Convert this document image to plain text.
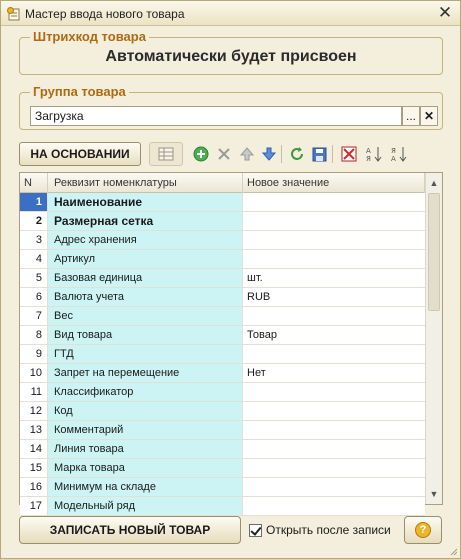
Мастер ввода нового товара	✕
Штрихкод товара
Автоматически будет присвоен
Группа товара
Загрузка	... ✕
НА ОСНОВАНИИ	A
Я
Я
A
N	Реквизит номенклатуры	Новое значение
1	Наименование
2	Размерная сетка
3	Адрес хранения
4	Артикул
5	Базовая единица	шт.
6	Валюта учета	RUB
7	Вес
8	Вид товара	Товар
9	ГТД
10	Запрет на перемещение	Нет
11	Классификатор
12	Код
13	Комментарий
14	Линия товара
15	Марка товара
16	Минимум на складе
17	Модельный ряд
▲
▼
ЗАПИСАТЬ НОВЫЙ ТОВАР	Открыть после записи	?
